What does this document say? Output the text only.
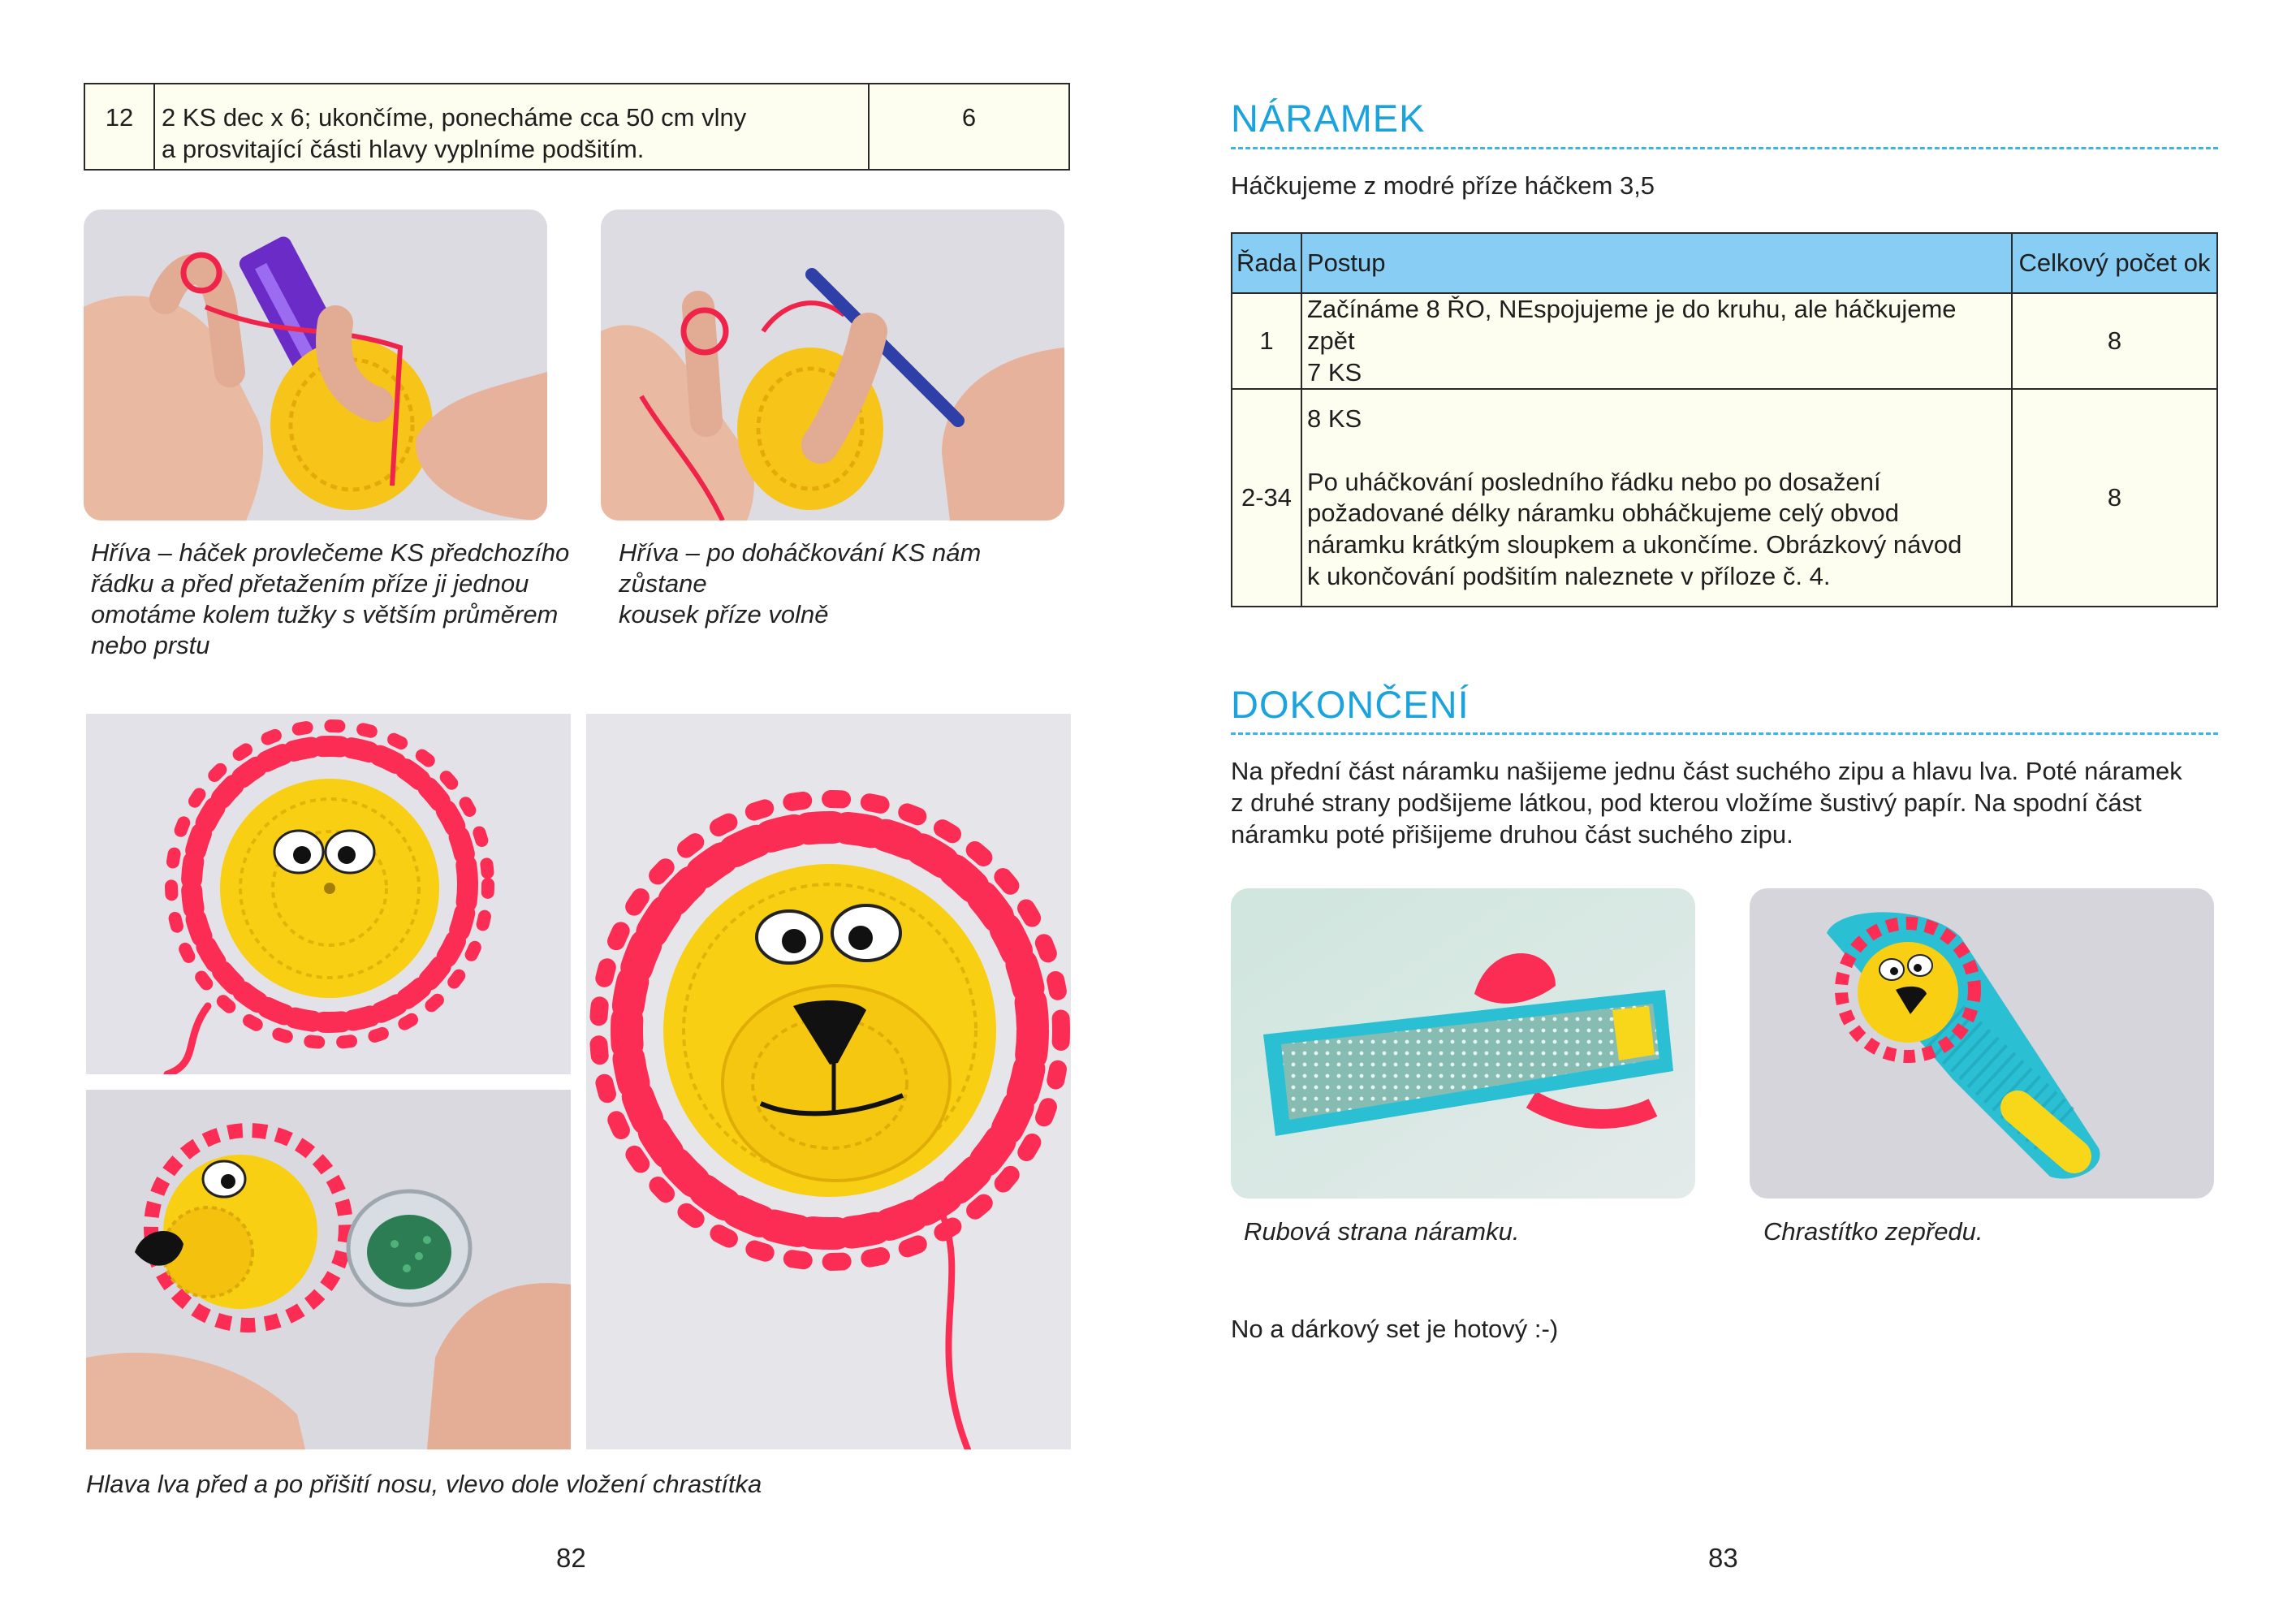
12	2 KS dec x 6; ukončíme, ponecháme cca 50 cm vlny
a prosvitající části hlavy vyplníme podšitím.	6
Hříva – háček provlečeme KS předchozího
řádku a před přetažením příze ji jednou
omotáme kolem tužky s větším průměrem
nebo prstu
Hříva – po doháčkování KS nám zůstane
kousek příze volně
Hlava lva před a po přišití nosu, vlevo dole vložení chrastítka
82
NÁRAMEK
Háčkujeme z modré příze háčkem 3,5
Řada	Postup	Celkový počet ok
1	Začínáme 8 ŘO, NEspojujeme je do kruhu, ale háčkujeme zpět
7 KS	8
2-34	8 KS
Po uháčkování posledního řádku nebo po dosažení
požadované délky náramku obháčkujeme celý obvod
náramku krátkým sloupkem a ukončíme. Obrázkový návod
k ukončování podšitím naleznete v příloze č. 4.	8
DOKONČENÍ
Na přední část náramku našijeme jednu část suchého zipu a hlavu lva. Poté náramek
z druhé strany podšijeme látkou, pod kterou vložíme šustivý papír. Na spodní část
náramku poté přišijeme druhou část suchého zipu.
Rubová strana náramku.	Chrastítko zepředu.
No a dárkový set je hotový :-)
83
